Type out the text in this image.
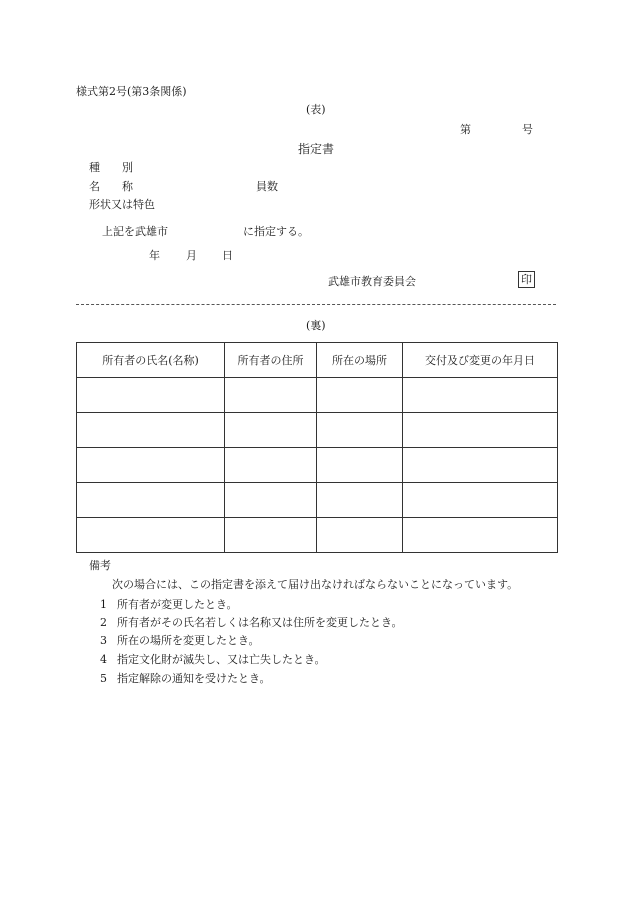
様式第2号(第3条関係)
(表)
第	号
指定書
種　　別
名　　称	員数
形状又は特色
上記を武雄市	に指定する。
年 月 日
武雄市教育委員会	印
(裏)
所有者の氏名(名称)	所有者の住所	所在の場所	交付及び変更の年月日

備考
次の場合には、この指定書を添えて届け出なければならないことになっています。
1 所有者が変更したとき。
2 所有者がその氏名若しくは名称又は住所を変更したとき。
3 所在の場所を変更したとき。
4 指定文化財が滅失し、又は亡失したとき。
5 指定解除の通知を受けたとき。
